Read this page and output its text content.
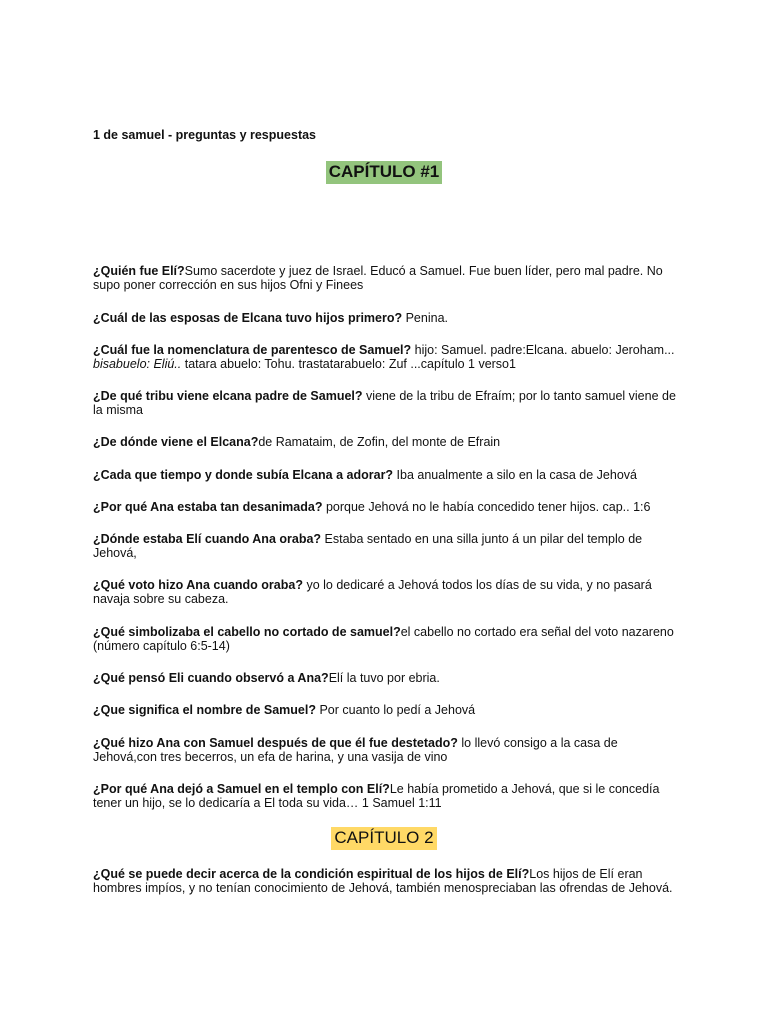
1 de samuel - preguntas y respuestas
CAPÍTULO #1
¿Quién fue Elí?Sumo sacerdote y juez de Israel. Educó a Samuel. Fue buen líder, pero mal padre. No supo poner corrección en sus hijos Ofni y Finees
¿Cuál de las esposas de Elcana tuvo hijos primero? Penina.
¿Cuál fue la nomenclatura de parentesco de Samuel? hijo: Samuel. padre:Elcana. abuelo: Jeroham... bisabuelo: Eliú.. tatara abuelo: Tohu. trastatarabuelo: Zuf ...capítulo 1 verso1
¿De qué tribu viene elcana padre de Samuel? viene de la tribu de Efraím; por lo tanto samuel viene de la misma
¿De dónde viene el Elcana?de Ramataim, de Zofin, del monte de Efrain
¿Cada que tiempo y donde subía Elcana a adorar? Iba anualmente a silo en la casa de Jehová
¿Por qué Ana estaba tan desanimada? porque Jehová no le había concedido tener hijos. cap.. 1:6
¿Dónde estaba Elí cuando Ana oraba? Estaba sentado en una silla junto á un pilar del templo de Jehová,
¿Qué voto hizo Ana cuando oraba? yo lo dedicaré a Jehová todos los días de su vida, y no pasará navaja sobre su cabeza.
¿Qué simbolizaba el cabello no cortado de samuel?el cabello no cortado era señal del voto nazareno (número capítulo 6:5-14)
¿Qué pensó Eli cuando observó a Ana?Elí la tuvo por ebria.
¿Que significa el nombre de Samuel? Por cuanto lo pedí a Jehová
¿Qué hizo Ana con Samuel después de que él fue destetado? lo llevó consigo a la casa de Jehová,con tres becerros, un efa de harina, y una vasija de vino
¿Por qué Ana dejó a Samuel en el templo con Elí?Le había prometido a Jehová, que si le concedía tener un hijo, se lo dedicaría a El toda su vida… 1 Samuel 1:11
CAPÍTULO 2
¿Qué se puede decir acerca de la condición espiritual de los hijos de Elí?Los hijos de Elí eran hombres impíos, y no tenían conocimiento de Jehová, también menospreciaban las ofrendas de Jehová.
